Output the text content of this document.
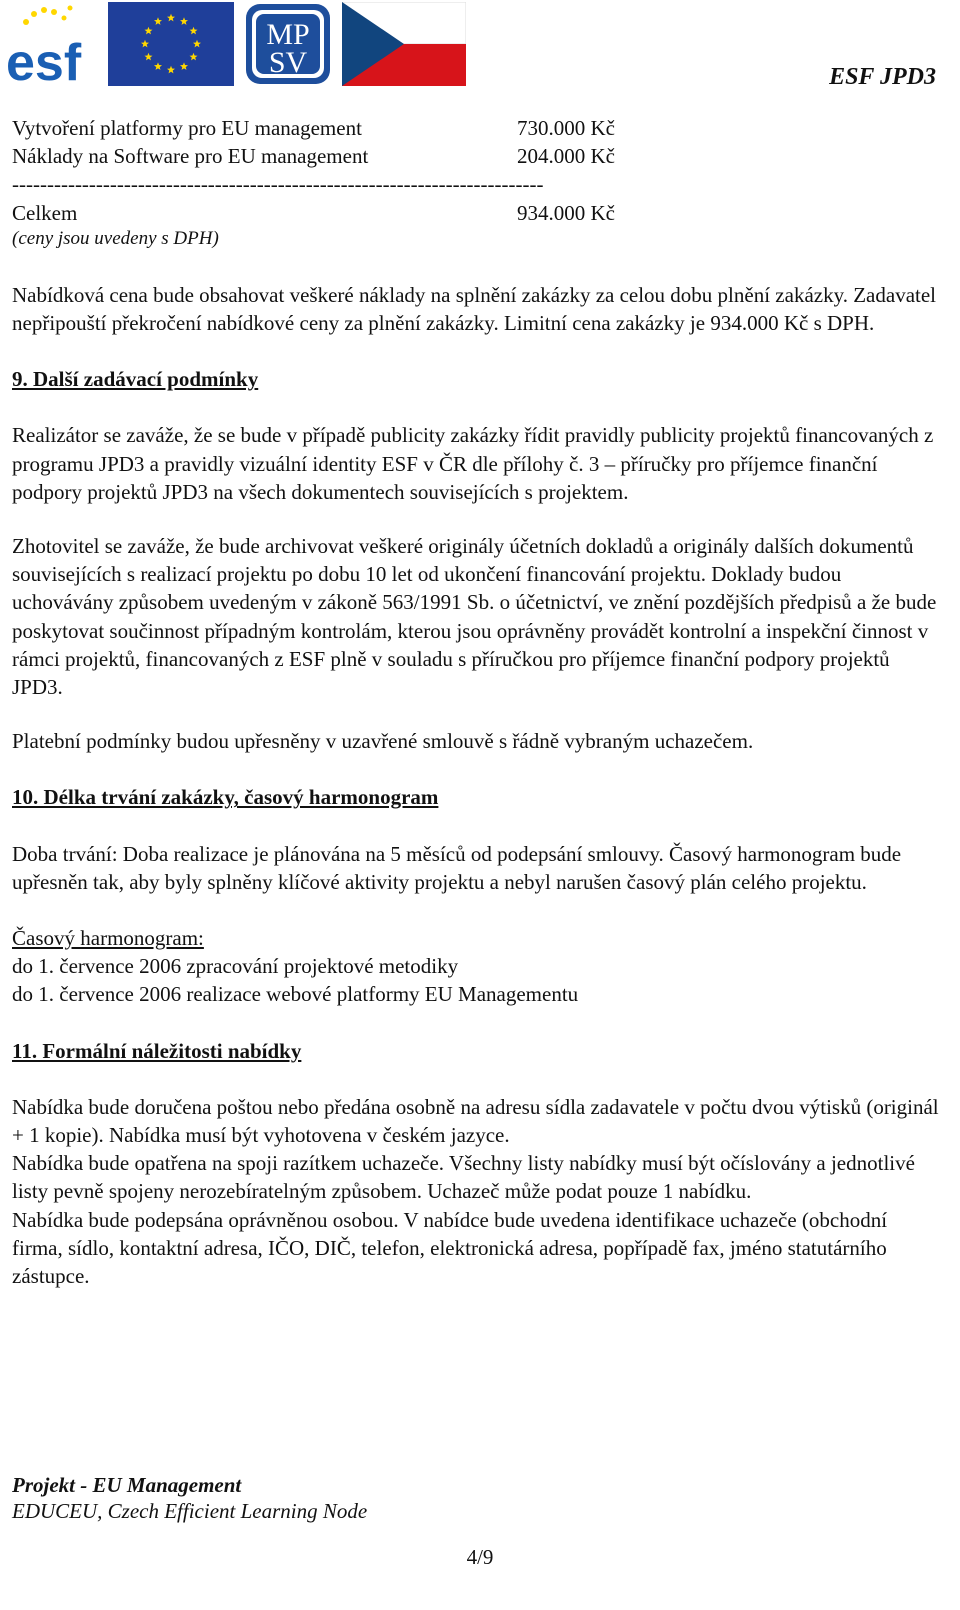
esf	MP
SV	ESF JPD3
Vytvoření platformy pro EU management	730.000 Kč
Náklady na Software pro EU management	204.000 Kč
----------------------------------------------------------------------------
Celkem	934.000 Kč
(ceny jsou uvedeny s DPH)

Nabídková cena bude obsahovat veškeré náklady na splnění zakázky za celou dobu plnění zakázky. Zadavatel nepřipouští překročení nabídkové ceny za plnění zakázky. Limitní cena zakázky je 934.000 Kč s DPH.

9. Další zadávací podmínky

Realizátor se zaváže, že se bude v případě publicity zakázky řídit pravidly publicity projektů financovaných z programu JPD3 a pravidly vizuální identity ESF v ČR dle přílohy č. 3 – příručky pro příjemce finanční podpory projektů JPD3 na všech dokumentech souvisejících s projektem.

Zhotovitel se zaváže, že bude archivovat veškeré originály účetních dokladů a originály dalších dokumentů souvisejících s realizací projektu po dobu 10 let od ukončení financování projektu. Doklady budou uchovávány způsobem uvedeným v zákoně 563/1991 Sb. o účetnictví, ve znění pozdějších předpisů a že bude poskytovat součinnost případným kontrolám, kterou jsou oprávněny provádět kontrolní a inspekční činnost v rámci projektů, financovaných z ESF plně v souladu s příručkou pro příjemce finanční podpory projektů JPD3.

Platební podmínky budou upřesněny v uzavřené smlouvě s řádně vybraným uchazečem.

10. Délka trvání zakázky, časový harmonogram

Doba trvání: Doba realizace je plánována na 5 měsíců od podepsání smlouvy. Časový harmonogram bude upřesněn tak, aby byly splněny klíčové aktivity projektu a nebyl narušen časový plán celého projektu.

Časový harmonogram:

do 1. července 2006 zpracování projektové metodiky

do 1. července 2006 realizace webové platformy EU Managementu

11. Formální náležitosti nabídky

Nabídka bude doručena poštou nebo předána osobně na adresu sídla zadavatele v počtu dvou výtisků (originál + 1 kopie). Nabídka musí být vyhotovena v českém jazyce.

Nabídka bude opatřena na spoji razítkem uchazeče. Všechny listy nabídky musí být očíslovány a jednotlivé listy pevně spojeny nerozebíratelným způsobem. Uchazeč může podat pouze 1 nabídku.

Nabídka bude podepsána oprávněnou osobou. V nabídce bude uvedena identifikace uchazeče (obchodní firma, sídlo, kontaktní adresa, IČO, DIČ, telefon, elektronická adresa, popřípadě fax, jméno statutárního zástupce.

Projekt - EU Management
EDUCEU, Czech Efficient Learning Node
4/9
